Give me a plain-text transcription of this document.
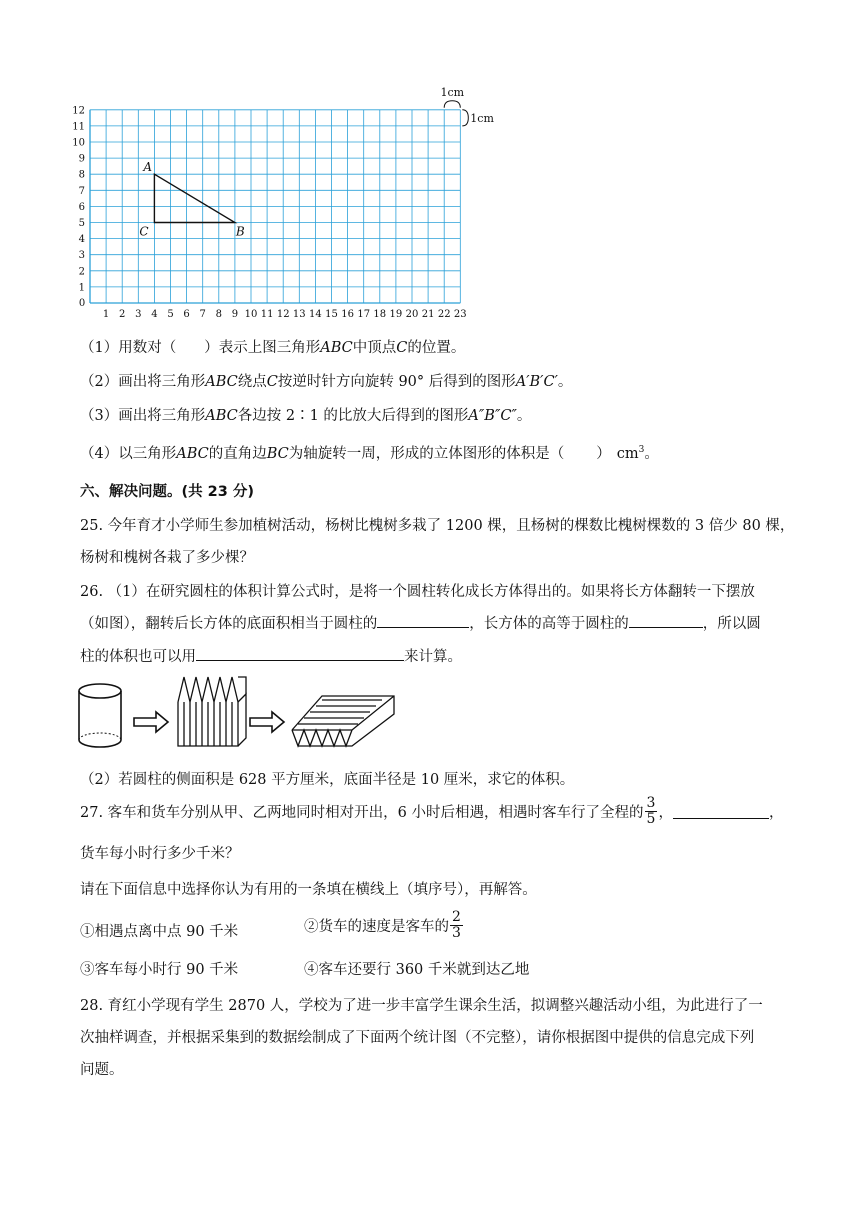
0
1 2 3 4 5 6 7 8 9 10 11 12 13 14 15 16 17 18 19 20 21 22 23
1
2
3
4
5
6
7
8
9
10
11
12
A
B
C
1cm
1cm
（1）用数对（ ）表示上图三角形ABC中顶点C的位置。
（2）画出将三角形ABC绕点C按逆时针方向旋转 90° 后得到的图形A′B′C′。
（3）画出将三角形ABC各边按 2∶1 的比放大后得到的图形A″B″C″。
（4）以三角形ABC的直角边BC为轴旋转一周，形成的立体图形的体积是（ ） $cm^3$。
六、解决问题。(共 23 分)
25. 今年育才小学师生参加植树活动，杨树比槐树多栽了 1200 棵，且杨树的棵数比槐树棵数的 3 倍少 80 棵，
杨树和槐树各栽了多少棵？
26. （1）在研究圆柱的体积计算公式时，是将一个圆柱转化成长方体得出的。如果将长方体翻转一下摆放
（如图），翻转后长方体的底面积相当于圆柱的	，长方体的高等于圆柱的	，所以圆
柱的体积也可以用	来计算。
（2）若圆柱的侧面积是 628 平方厘米，底面半径是 10 厘米，求它的体积。
27. 客车和货车分别从甲、乙两地同时相对开出，6 小时后相遇，相遇时客车行了全程的 $\frac{3}{5}$ ，	，
货车每小时行多少千米？
请在下面信息中选择你认为有用的一条填在横线上（填序号），再解答。
①相遇点离中点 90 千米	②货车的速度是客车的 $\frac{2}{3}$
③客车每小时行 90 千米	④客车还要行 360 千米就到达乙地
28. 育红小学现有学生 2870 人，学校为了进一步丰富学生课余生活，拟调整兴趣活动小组，为此进行了一
次抽样调查，并根据采集到的数据绘制成了下面两个统计图（不完整），请你根据图中提供的信息完成下列
问题。
